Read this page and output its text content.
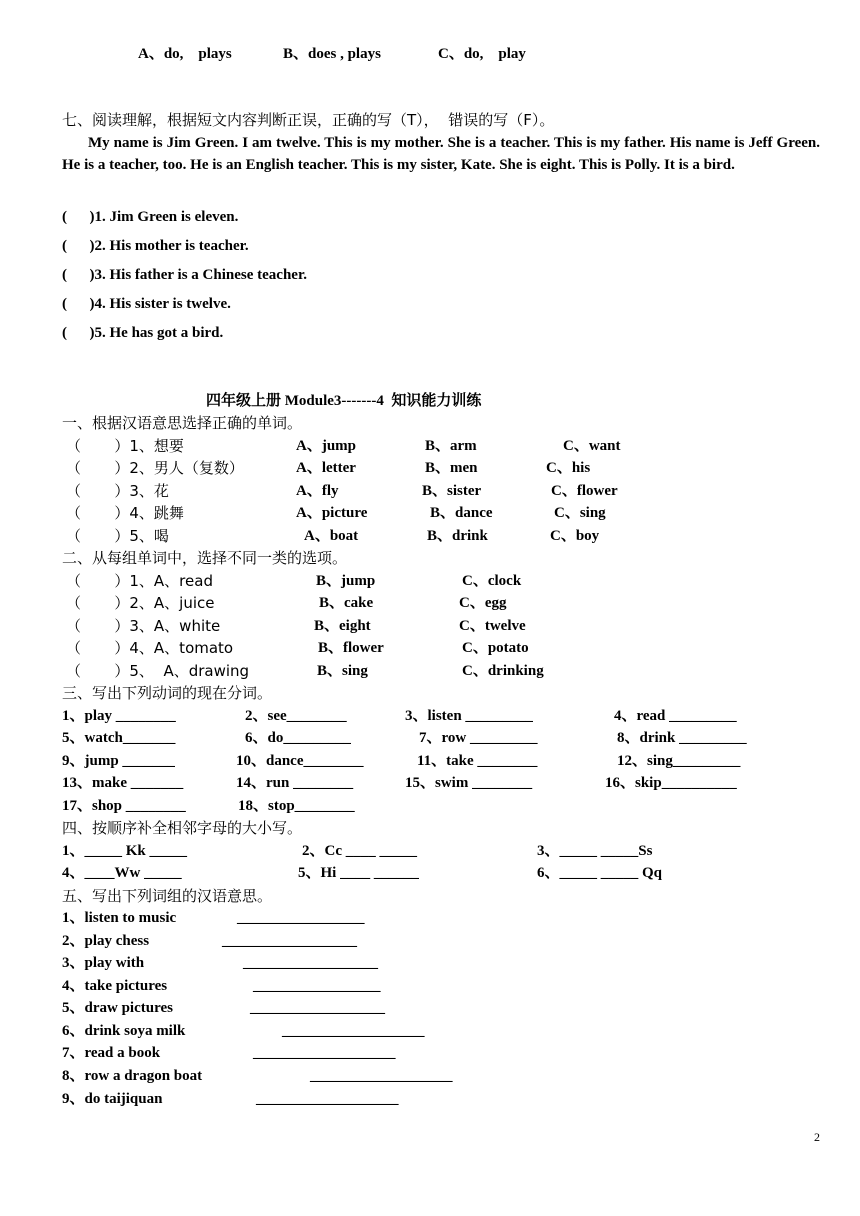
A、do,    plays	B、does , plays	C、do,    play
七、阅读理解，根据短文内容判断正误，正确的写（T），  错误的写（F）。
My name is Jim Green. I am twelve. This is my mother. She is a teacher. This is my father. His name is Jeff Green. He is a teacher, too. He is an English teacher. This is my sister, Kate. She is eight. This is Polly. It is a bird.
(      )1. Jim Green is eleven.
(      )2. His mother is teacher.
(      )3. His father is a Chinese teacher.
(      )4. His sister is twelve.
(      )5. He has got a bird.
四年级上册 Module3-------4  知识能力训练
一、根据汉语意思选择正确的单词。
（       ）1、想要	A、jump	B、arm	C、want
（       ）2、男人（复数）	A、letter	B、men	C、his
（       ）3、花	A、fly	B、sister	C、flower
（       ）4、跳舞	A、picture	B、dance	C、sing
（       ）5、喝	A、boat	B、drink	C、boy
二、从每组单词中，选择不同一类的选项。
（       ）1、A、read	B、jump	C、clock
（       ）2、A、juice	B、cake	C、egg
（       ）3、A、white	B、eight	C、twelve
（       ）4、A、tomato	B、flower	C、potato
（       ）5、  A、drawing	B、sing	C、drinking
三、写出下列动词的现在分词。
1、play ________	2、see________	3、listen _________	4、read _________
5、watch_______	6、do_________	7、row _________	8、drink _________
9、jump _______	10、dance________	11、take ________	12、sing_________
13、make _______	14、run ________	15、swim ________	16、skip__________
17、shop ________	18、stop________
四、按顺序补全相邻字母的大小写。
1、_____ Kk _____	2、Cc ____ _____	3、_____ _____Ss
4、____Ww _____	5、Hi ____ ______	6、_____ _____ Qq
五、写出下列词组的汉语意思。
1、listen to music	_________________
2、play chess	__________________
3、play with	__________________
4、take pictures	_________________
5、draw pictures	__________________
6、drink soya milk	___________________
7、read a book	___________________
8、row a dragon boat	___________________
9、do taijiquan	___________________
2
